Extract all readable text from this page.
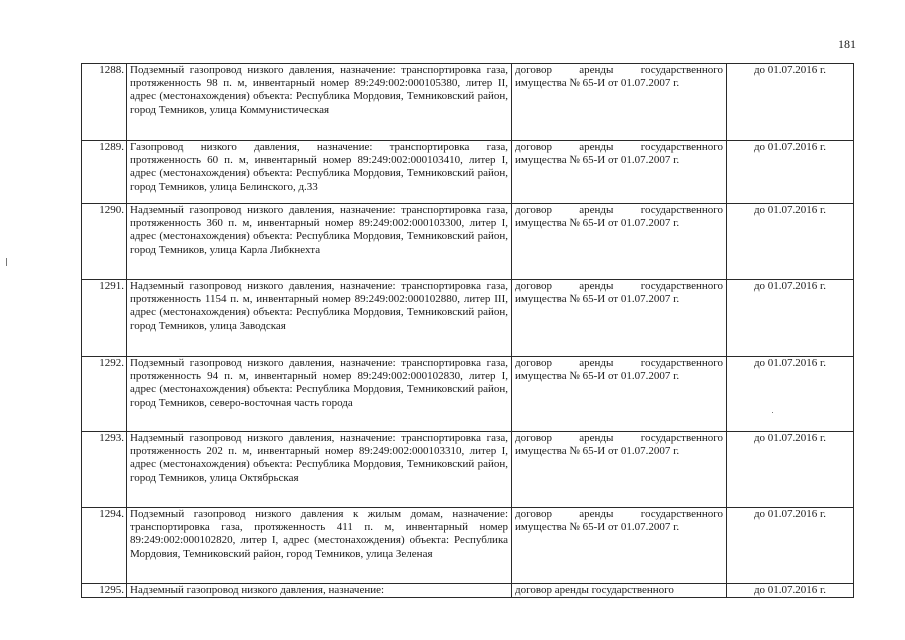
181
1288.	Подземный газопровод низкого давления, назначение: транспортировка газа, протяженность 98 п. м, инвентарный номер 89:249:002:000105380, литер II, адрес (местонахождения) объекта: Республика Мордовия, Темниковский район, город Темников, улица Коммунистическая	договор аренды государственного имущества № 65-И от 01.07.2007 г.	до 01.07.2016 г.
1289.	Газопровод низкого давления, назначение: транспортировка газа, протяженность 60 п. м, инвентарный номер 89:249:002:000103410, литер I, адрес (местонахождения) объекта: Республика Мордовия, Темниковский район, город Темников, улица Белинского, д.33	договор аренды государственного имущества № 65-И от 01.07.2007 г.	до 01.07.2016 г.
1290.	Надземный газопровод низкого давления, назначение: транспортировка газа, протяженность 360 п. м, инвентарный номер 89:249:002:000103300, литер I, адрес (местонахождения) объекта: Республика Мордовия, Темниковский район, город Темников, улица Карла Либкнехта	договор аренды государственного имущества № 65-И от 01.07.2007 г.	до 01.07.2016 г.
1291.	Надземный газопровод низкого давления, назначение: транспортировка газа, протяженность 1154 п. м, инвентарный номер 89:249:002:000102880, литер III, адрес (местонахождения) объекта: Республика Мордовия, Темниковский район, город Темников, улица Заводская	договор аренды государственного имущества № 65-И от 01.07.2007 г.	до 01.07.2016 г.
1292.	Подземный газопровод низкого давления, назначение: транспортировка газа, протяженность 94 п. м, инвентарный номер 89:249:002:000102830, литер I, адрес (местонахождения) объекта: Республика Мордовия, Темниковский район, город Темников, северо-восточная часть города	договор аренды государственного имущества № 65-И от 01.07.2007 г.	до 01.07.2016 г.
1293.	Надземный газопровод низкого давления, назначение: транспортировка газа, протяженность 202 п. м, инвентарный номер 89:249:002:000103310, литер I, адрес (местонахождения) объекта: Республика Мордовия, Темниковский район, город Темников, улица Октябрьская	договор аренды государственного имущества № 65-И от 01.07.2007 г.	до 01.07.2016 г.
1294.	Подземный газопровод низкого давления к жилым домам, назначение: транспортировка газа, протяженность 411 п. м, инвентарный номер 89:249:002:000102820, литер I, адрес (местонахождения) объекта: Республика Мордовия, Темниковский район, город Темников, улица Зеленая	договор аренды государственного имущества № 65-И от 01.07.2007 г.	до 01.07.2016 г.
1295.	Надземный газопровод низкого давления, назначение:	договор аренды государственного	до 01.07.2016 г.
